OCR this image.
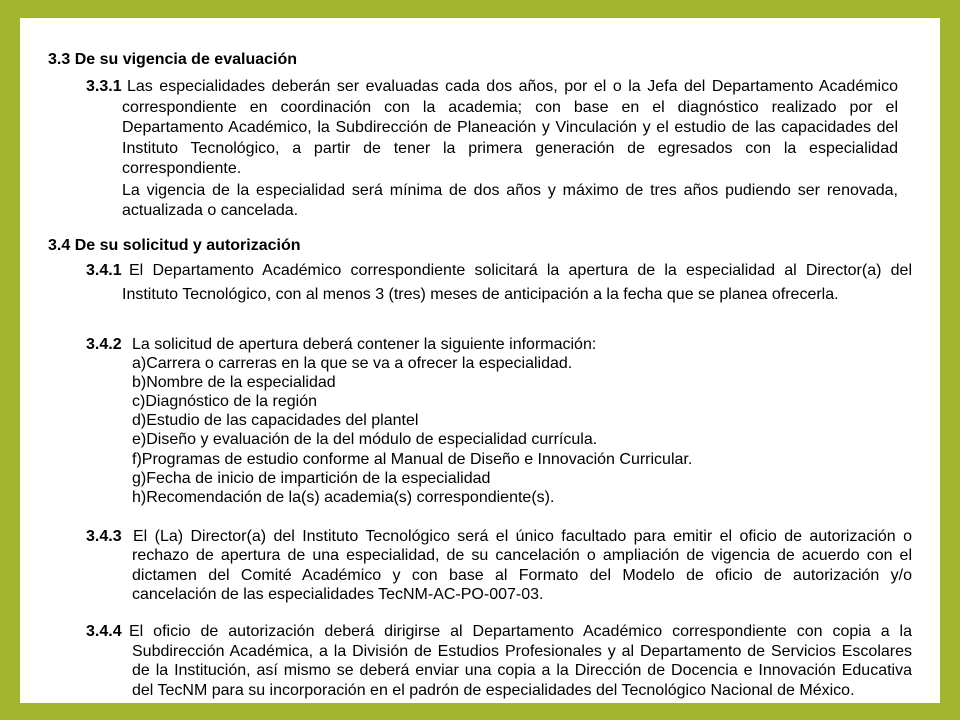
3.3 De su vigencia de evaluación
3.3.1 Las especialidades deberán ser evaluadas cada dos años, por el o la Jefa del Departamento Académico
correspondiente en coordinación con la academia; con base en el diagnóstico realizado por el
Departamento Académico, la Subdirección de Planeación y Vinculación y el estudio de las capacidades del
Instituto Tecnológico, a partir de tener la primera generación de egresados con la especialidad
correspondiente.
La vigencia de la especialidad será mínima de dos años y máximo de tres años pudiendo ser renovada,
actualizada o cancelada.
3.4 De su solicitud y autorización
3.4.1 El Departamento Académico correspondiente solicitará la apertura de la especialidad al Director(a) del
Instituto Tecnológico, con al menos 3 (tres) meses de anticipación a la fecha que se planea ofrecerla.
3.4.2 La solicitud de apertura deberá contener la siguiente información:
a)Carrera o carreras en la que se va a ofrecer la especialidad.
b)Nombre de la especialidad
c)Diagnóstico de la región
d)Estudio de las capacidades del plantel
e)Diseño y evaluación de la del módulo de especialidad currícula.
f)Programas de estudio conforme al Manual de Diseño e Innovación Curricular.
g)Fecha de inicio de impartición de la especialidad
h)Recomendación de la(s) academia(s) correspondiente(s).
3.4.3 El (La) Director(a) del Instituto Tecnológico será el único facultado para emitir el oficio de autorización o
rechazo de apertura de una especialidad, de su cancelación o ampliación de vigencia de acuerdo con el
dictamen del Comité Académico y con base al Formato del Modelo de oficio de autorización y/o
cancelación de las especialidades TecNM-AC-PO-007-03.
3.4.4 El oficio de autorización deberá dirigirse al Departamento Académico correspondiente con copia a la
Subdirección Académica, a la División de Estudios Profesionales y al Departamento de Servicios Escolares
de la Institución, así mismo se deberá enviar una copia a la Dirección de Docencia e Innovación Educativa
del TecNM para su incorporación en el padrón de especialidades del Tecnológico Nacional de México.
